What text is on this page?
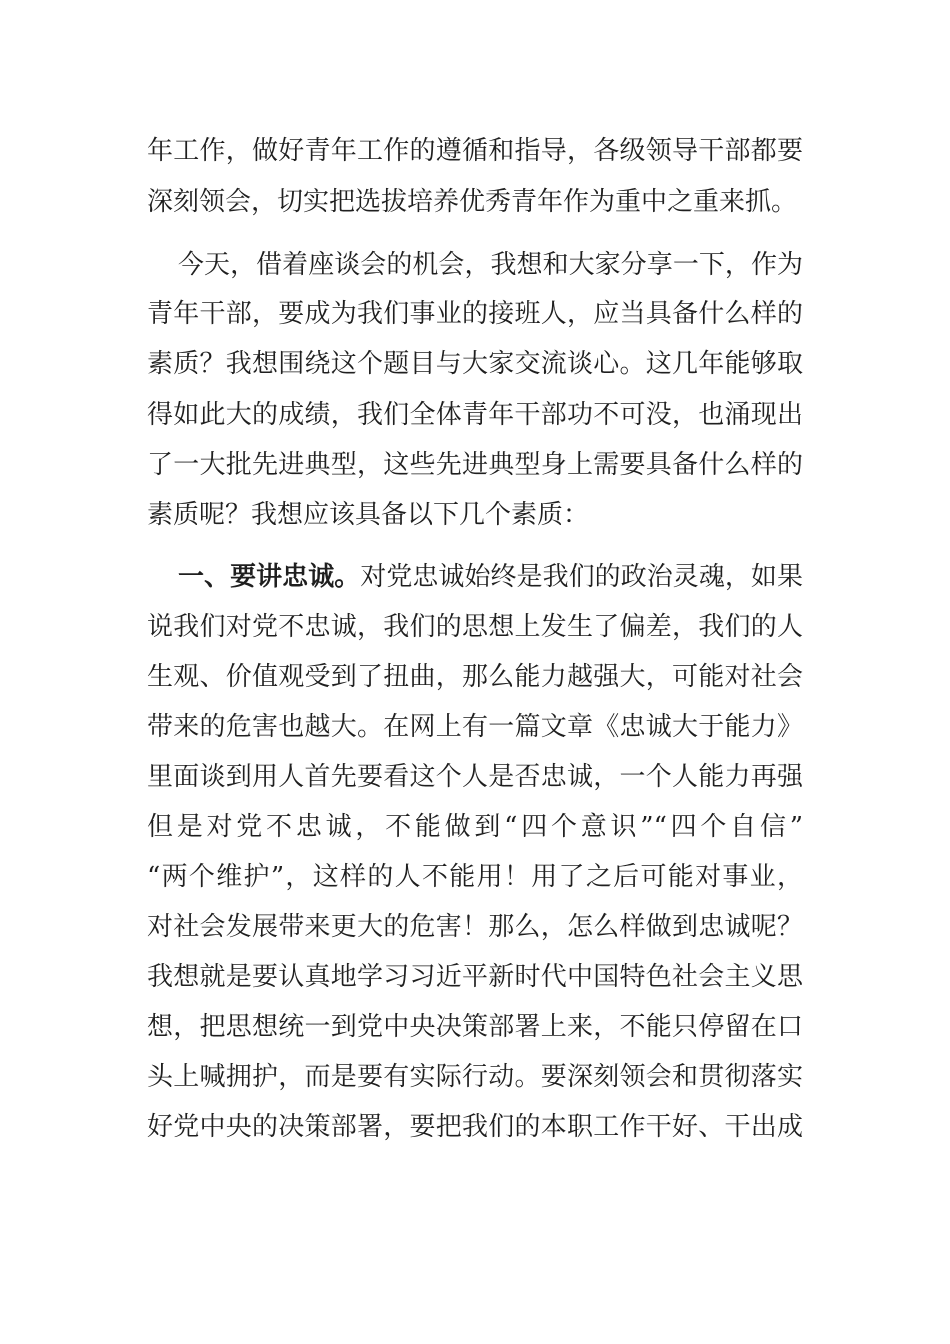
年工作，做好青年工作的遵循和指导，各级领导干部都要
深刻领会，切实把选拔培养优秀青年作为重中之重来抓。
今天，借着座谈会的机会，我想和大家分享一下，作为
青年干部，要成为我们事业的接班人，应当具备什么样的
素质？我想围绕这个题目与大家交流谈心。这几年能够取
得如此大的成绩，我们全体青年干部功不可没，也涌现出
了一大批先进典型，这些先进典型身上需要具备什么样的
素质呢？我想应该具备以下几个素质：
一、要讲忠诚。对党忠诚始终是我们的政治灵魂，如果
说我们对党不忠诚，我们的思想上发生了偏差，我们的人
生观、价值观受到了扭曲，那么能力越强大，可能对社会
带来的危害也越大。在网上有一篇文章《忠诚大于能力》
里面谈到用人首先要看这个人是否忠诚，一个人能力再强
但是对党不忠诚，不能做到“四个意识”“四个自信”
“两个维护”，这样的人不能用！用了之后可能对事业，
对社会发展带来更大的危害！那么，怎么样做到忠诚呢？
我想就是要认真地学习习近平新时代中国特色社会主义思
想，把思想统一到党中央决策部署上来，不能只停留在口
头上喊拥护，而是要有实际行动。要深刻领会和贯彻落实
好党中央的决策部署，要把我们的本职工作干好、干出成
